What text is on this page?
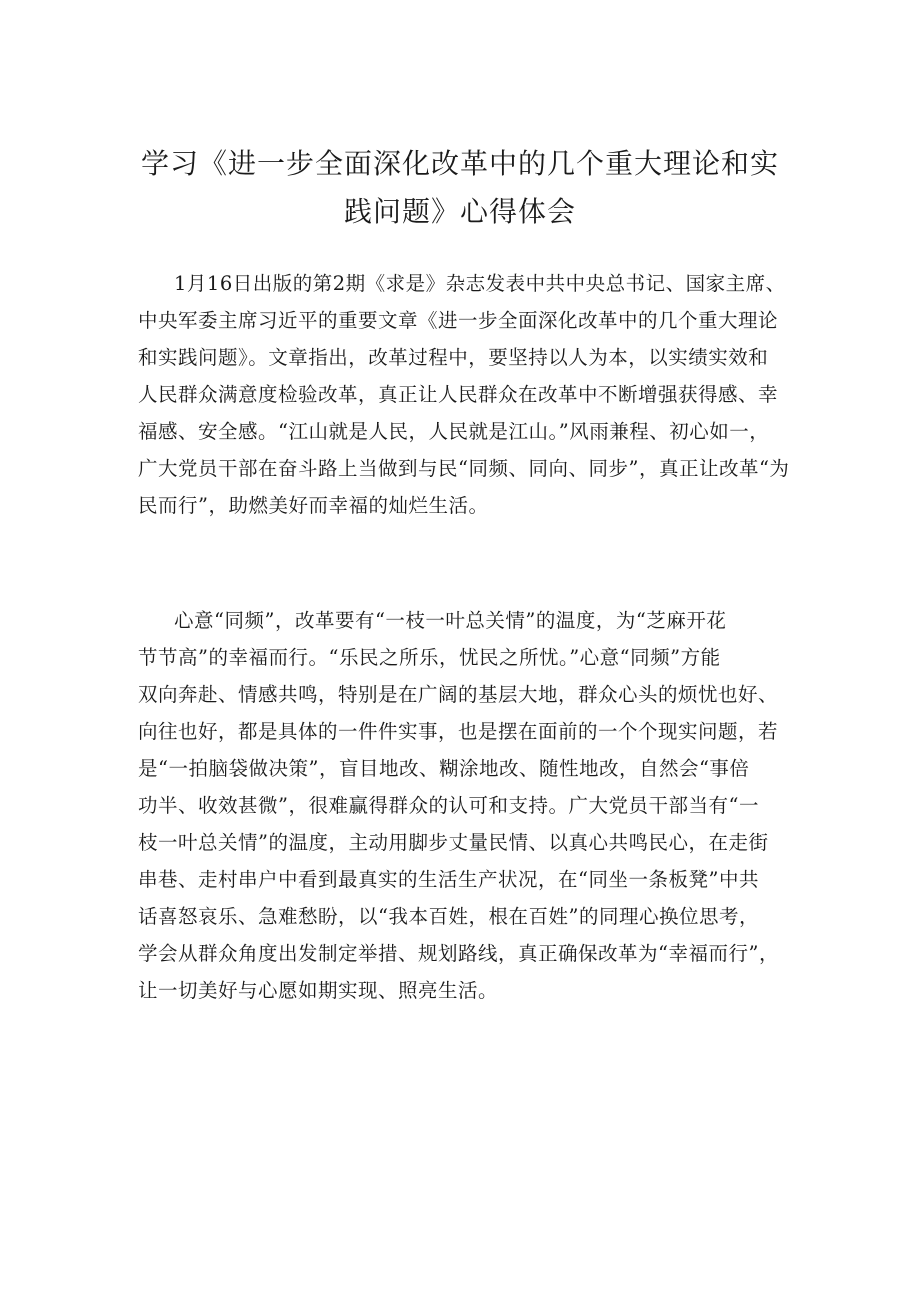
学习《进一步全面深化改革中的几个重大理论和实
践问题》心得体会
1月16日出版的第2期《求是》杂志发表中共中央总书记、国家主席、
中央军委主席习近平的重要文章《进一步全面深化改革中的几个重大理论
和实践问题》。文章指出，改革过程中，要坚持以人为本，以实绩实效和
人民群众满意度检验改革，真正让人民群众在改革中不断增强获得感、幸
福感、安全感。“江山就是人民，人民就是江山。”风雨兼程、初心如一，
广大党员干部在奋斗路上当做到与民“同频、同向、同步”，真正让改革“为
民而行”，助燃美好而幸福的灿烂生活。
心意“同频”，改革要有“一枝一叶总关情”的温度，为“芝麻开花
节节高”的幸福而行。“乐民之所乐，忧民之所忧。”心意“同频”方能
双向奔赴、情感共鸣，特别是在广阔的基层大地，群众心头的烦忧也好、
向往也好，都是具体的一件件实事，也是摆在面前的一个个现实问题，若
是“一拍脑袋做决策”，盲目地改、糊涂地改、随性地改，自然会“事倍
功半、收效甚微”，很难赢得群众的认可和支持。广大党员干部当有“一
枝一叶总关情”的温度，主动用脚步丈量民情、以真心共鸣民心，在走街
串巷、走村串户中看到最真实的生活生产状况，在“同坐一条板凳”中共
话喜怒哀乐、急难愁盼，以“我本百姓，根在百姓”的同理心换位思考，
学会从群众角度出发制定举措、规划路线，真正确保改革为“幸福而行”，
让一切美好与心愿如期实现、照亮生活。
